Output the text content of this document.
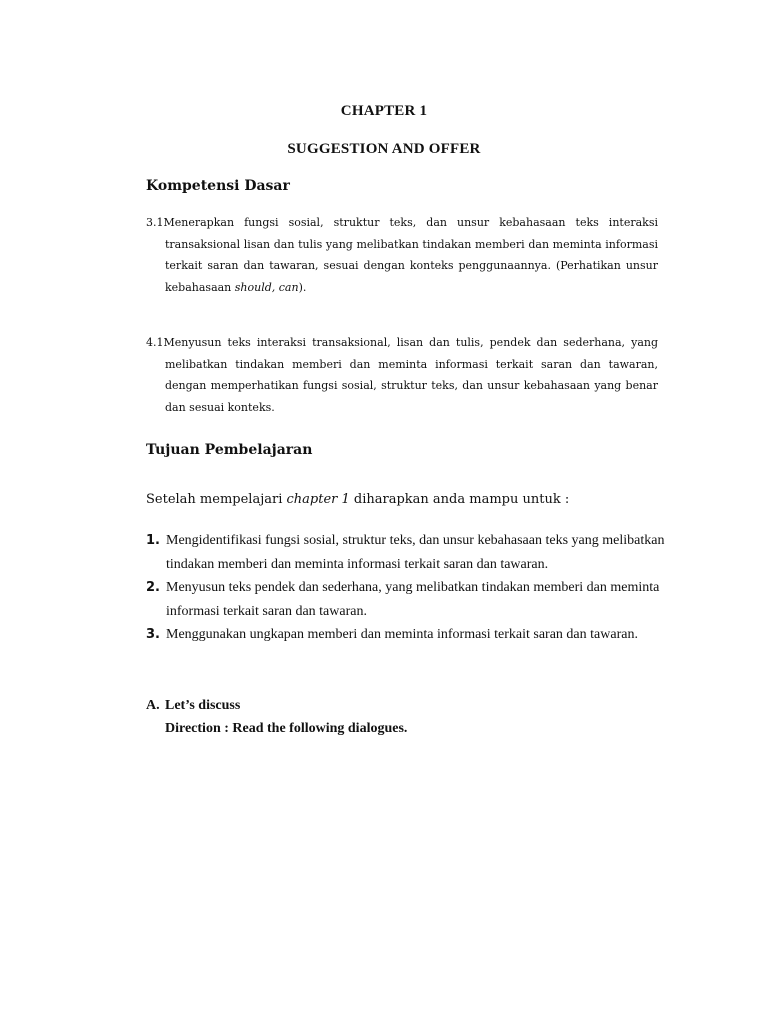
CHAPTER 1
SUGGESTION AND OFFER
Kompetensi Dasar
3.1Menerapkan fungsi sosial, struktur teks, dan unsur kebahasaan teks interaksi transaksional lisan dan tulis yang melibatkan tindakan memberi dan meminta informasi terkait saran dan tawaran, sesuai dengan konteks penggunaannya. (Perhatikan unsur kebahasaan should, can).
4.1Menyusun teks interaksi transaksional, lisan dan tulis, pendek dan sederhana, yang melibatkan tindakan memberi dan meminta informasi terkait saran dan tawaran, dengan memperhatikan fungsi sosial, struktur teks, dan unsur kebahasaan yang benar dan sesuai konteks.
Tujuan Pembelajaran
Setelah mempelajari chapter 1 diharapkan anda mampu untuk :
1. Mengidentifikasi fungsi sosial, struktur teks, dan unsur kebahasaan teks yang melibatkan tindakan memberi dan meminta informasi terkait saran dan tawaran.
2. Menyusun teks pendek dan sederhana, yang melibatkan tindakan memberi dan meminta informasi terkait saran dan tawaran.
3. Menggunakan ungkapan memberi dan meminta informasi terkait saran dan tawaran.
A. Let’s discuss
Direction : Read the following dialogues.
